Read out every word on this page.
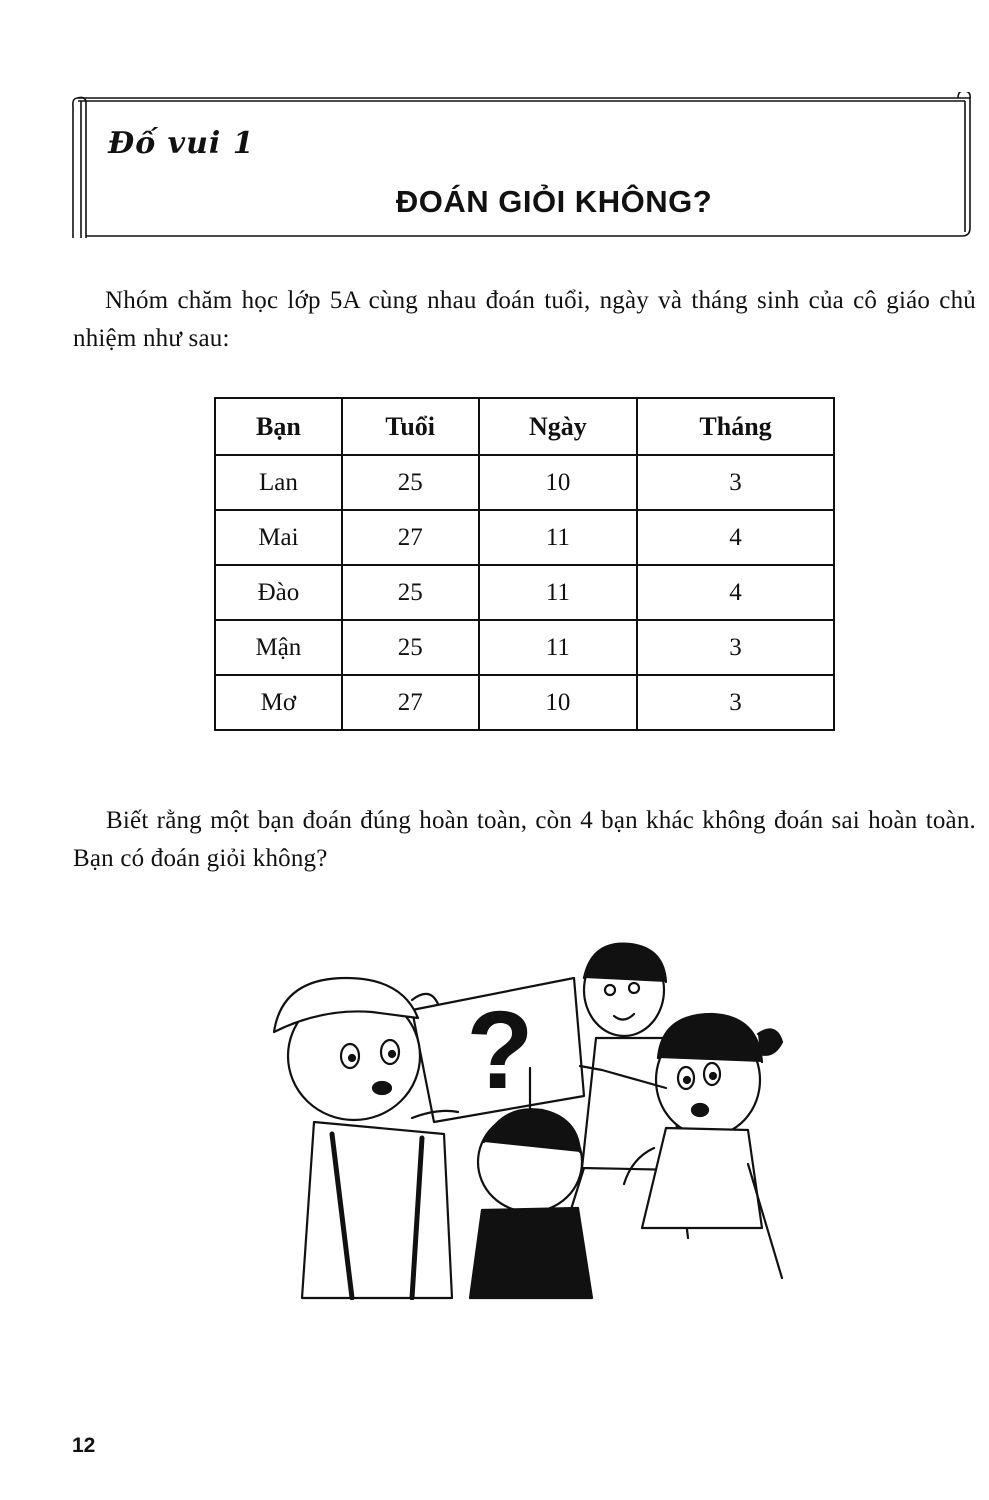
Đố vui 1
ĐOÁN GIỎI KHÔNG?

Nhóm chăm học lớp 5A cùng nhau đoán tuổi, ngày và tháng sinh của cô giáo chủ nhiệm như sau:

Bạn	Tuổi	Ngày	Tháng
Lan	25	10	3
Mai	27	11	4
Đào	25	11	4
Mận	25	11	3
Mơ	27	10	3

Biết rằng một bạn đoán đúng hoàn toàn, còn 4 bạn khác không đoán sai hoàn toàn. Bạn có đoán giỏi không?

?
12
